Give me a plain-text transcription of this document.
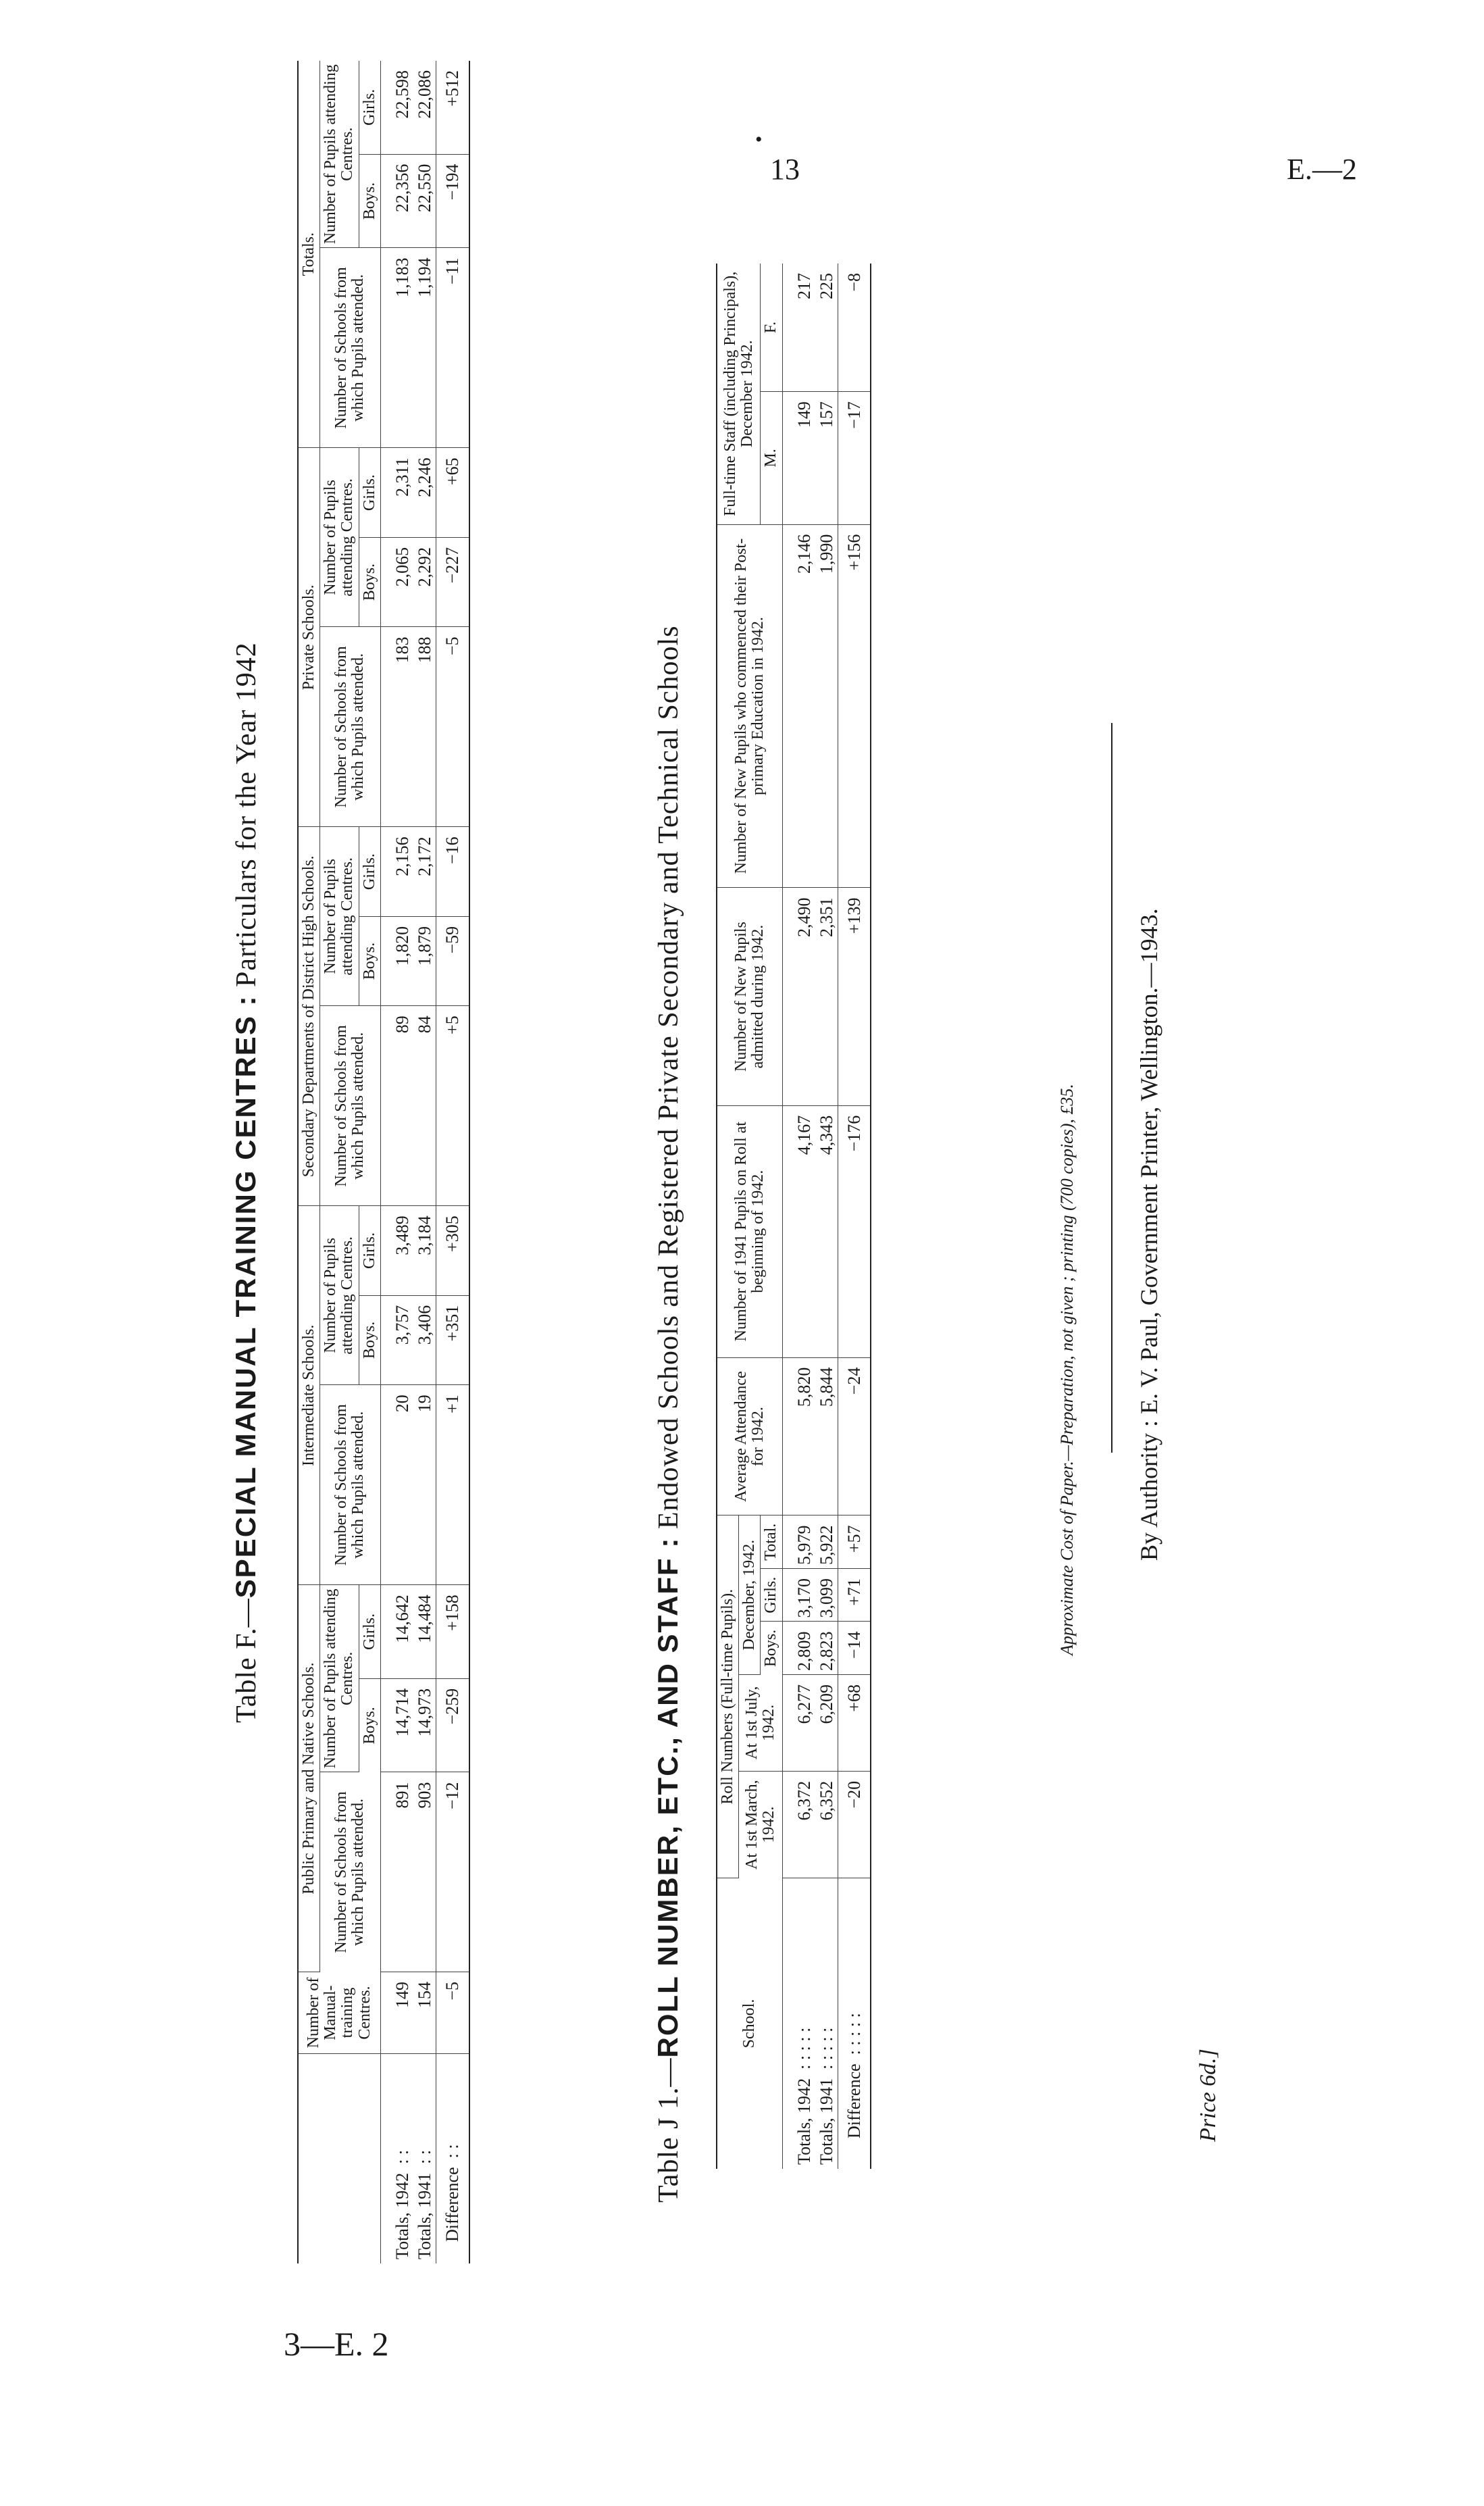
•
13	E.—2
3—E. 2
Table F.—SPECIAL MANUAL TRAINING CENTRES : Particulars for the Year 1942
	Number of Manual-training Centres.	Public Primary and Native Schools.			Intermediate Schools.			Secondary Departments of District High Schools.			Private Schools.			Totals.		
		Number of Schools from which Pupils attended.	Number of Pupils attending Centres.		Number of Schools from which Pupils attended.	Number of Pupils attending Centres.		Number of Schools from which Pupils attended.	Number of Pupils attending Centres.		Number of Schools from which Pupils attended.	Number of Pupils attending Centres.		Number of Schools from which Pupils attended.	Number of Pupils attending Centres.	
			Boys.	Girls.		Boys.	Girls.		Boys.	Girls.		Boys.	Girls.		Boys.	Girls.
Totals, 1942  : :	149	891	14,714	14,642	20	3,757	3,489	89	1,820	2,156	183	2,065	2,311	1,183	22,356	22,598
Totals, 1941  : :	154	903	14,973	14,484	19	3,406	3,184	84	1,879	2,172	188	2,292	2,246	1,194	22,550	22,086
Difference  : :	−5	−12	−259	+158	+1	+351	+305	+5	−59	−16	−5	−227	+65	−11	−194	+512
Table J 1.—ROLL NUMBER, ETC., AND STAFF : Endowed Schools and Registered Private Secondary and Technical Schools
School.	Roll Numbers (Full-time Pupils).					Average Attendance for 1942.	Number of 1941 Pupils on Roll at beginning of 1942.	Number of New Pupils admitted during 1942.	Number of New Pupils who commenced their Post-primary Education in 1942.	Full-time Staff (including Principals), December 1942.	
	At 1st March, 1942.	At 1st July, 1942.	December, 1942.								
			Boys.	Girls.	Total.					M.	F.
Totals, 1942  : : : : :	6,372	6,277	2,809	3,170	5,979	5,820	4,167	2,490	2,146	149	217
Totals, 1941  : : : : :	6,352	6,209	2,823	3,099	5,922	5,844	4,343	2,351	1,990	157	225
Difference  : : : : :	−20	+68	−14	+71	+57	−24	−176	+139	+156	−17	−8
Approximate Cost of Paper.—Preparation, not given ; printing (700 copies), £35. By Authority : E. V. Paul, Government Printer, Wellington.—1943.
Price 6d.]
